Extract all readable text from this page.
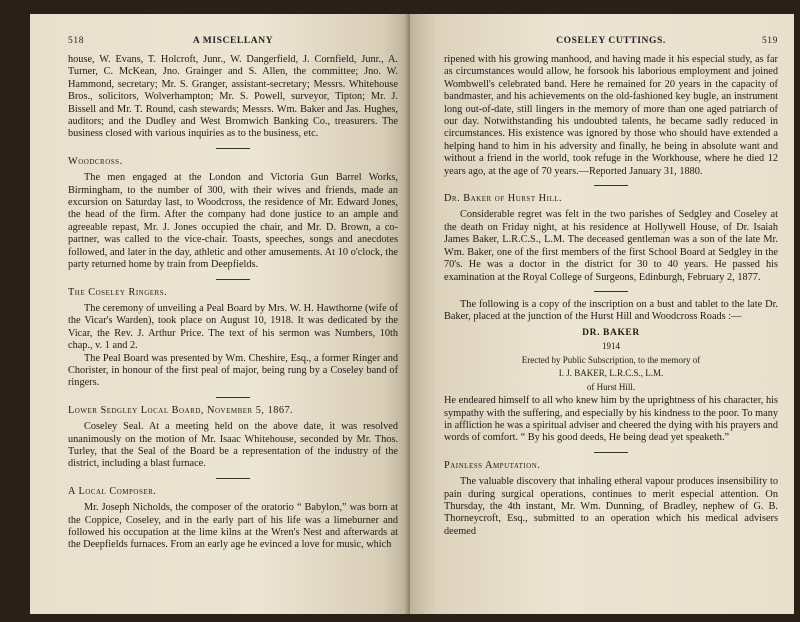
518	A MISCELLANY

house, W. Evans, T. Holcroft, Junr., W. Dangerfield, J. Cornfield, Junr., A. Turner, C. McKean, Jno. Grainger and S. Allen, the committee; Jno. W. Hammond, secretary; Mr. S. Granger, assistant-secretary; Messrs. Whitehouse Bros., solicitors, Wolverhampton; Mr. S. Powell, surveyor, Tipton; Mr. J. Bissell and Mr. T. Round, cash stewards; Messrs. Wm. Baker and Jas. Hughes, auditors; and the Dudley and West Bromwich Banking Co., treasurers. The business closed with various inquiries as to the business, etc.

Woodcross.

The men engaged at the London and Victoria Gun Barrel Works, Birmingham, to the number of 300, with their wives and friends, made an excursion on Saturday last, to Woodcross, the residence of Mr. Edward Jones, the head of the firm. After the company had done justice to an ample and agreeable repast, Mr. J. Jones occupied the chair, and Mr. D. Brown, a co-partner, was called to the vice-chair. Toasts, speeches, songs and anecdotes followed, and later in the day, athletic and other amusements. At 10 o'clock, the party returned home by train from Deepfields.

The Coseley Ringers.

The ceremony of unveiling a Peal Board by Mrs. W. H. Hawthorne (wife of the Vicar's Warden), took place on August 10, 1918. It was dedicated by the Vicar, the Rev. J. Arthur Price. The text of his sermon was Numbers, 10th chap., v. 1 and 2.

The Peal Board was presented by Wm. Cheshire, Esq., a former Ringer and Chorister, in honour of the first peal of major, being rung by a Coseley band of ringers.

Lower Sedgley Local Board, November 5, 1867.

Coseley Seal. At a meeting held on the above date, it was resolved unanimously on the motion of Mr. Isaac Whitehouse, seconded by Mr. Thos. Turley, that the Seal of the Board be a representation of the industry of the district, including a blast furnace.

A Local Composer.

Mr. Joseph Nicholds, the composer of the oratorio “ Babylon,” was born at the Coppice, Coseley, and in the early part of his life was a limeburner and followed his occupation at the lime kilns at the Wren's Nest and afterwards at the Deepfields furnaces. From an early age he evinced a love for music, which

COSELEY CUTTINGS.	519

ripened with his growing manhood, and having made it his especial study, as far as circumstances would allow, he forsook his laborious employment and joined Wombwell's celebrated band. Here he remained for 20 years in the capacity of bandmaster, and his achievements on the old-fashioned key bugle, an instrument long out-of-date, still lingers in the memory of more than one aged patriarch of our day. Notwithstanding his undoubted talents, he became sadly reduced in circumstances. His existence was ignored by those who should have extended a helping hand to him in his adversity and finally, he being in absolute want and without a friend in the world, took refuge in the Workhouse, where he died 12 years ago, at the age of 70 years.—Reported January 31, 1880.

Dr. Baker of Hurst Hill.

Considerable regret was felt in the two parishes of Sedgley and Coseley at the death on Friday night, at his residence at Hollywell House, of Dr. Isaiah James Baker, L.R.C.S., L.M. The deceased gentleman was a son of the late Mr. Wm. Baker, one of the first members of the first School Board at Sedgley in the 70's. He was a doctor in the district for 30 to 40 years. He passed his examination at the Royal College of Surgeons, Edinburgh, February 2, 1877.

The following is a copy of the inscription on a bust and tablet to the late Dr. Baker, placed at the junction of the Hurst Hill and Woodcross Roads :—

DR. BAKER
1914
Erected by Public Subscription, to the memory of
I. J. BAKER, L.R.C.S., L.M.
of Hurst Hill.

He endeared himself to all who knew him by the uprightness of his character, his sympathy with the suffering, and especially by his kindness to the poor. To many in affliction he was a spiritual adviser and cheered the dying with his prayers and words of comfort. “ By his good deeds, He being dead yet speaketh.”

Painless Amputation.

The valuable discovery that inhaling etheral vapour produces insensibility to pain during surgical operations, continues to merit especial attention. On Thursday, the 4th instant, Mr. Wm. Dunning, of Bradley, nephew of G. B. Thorneycroft, Esq., submitted to an operation which his medical advisers deemed
